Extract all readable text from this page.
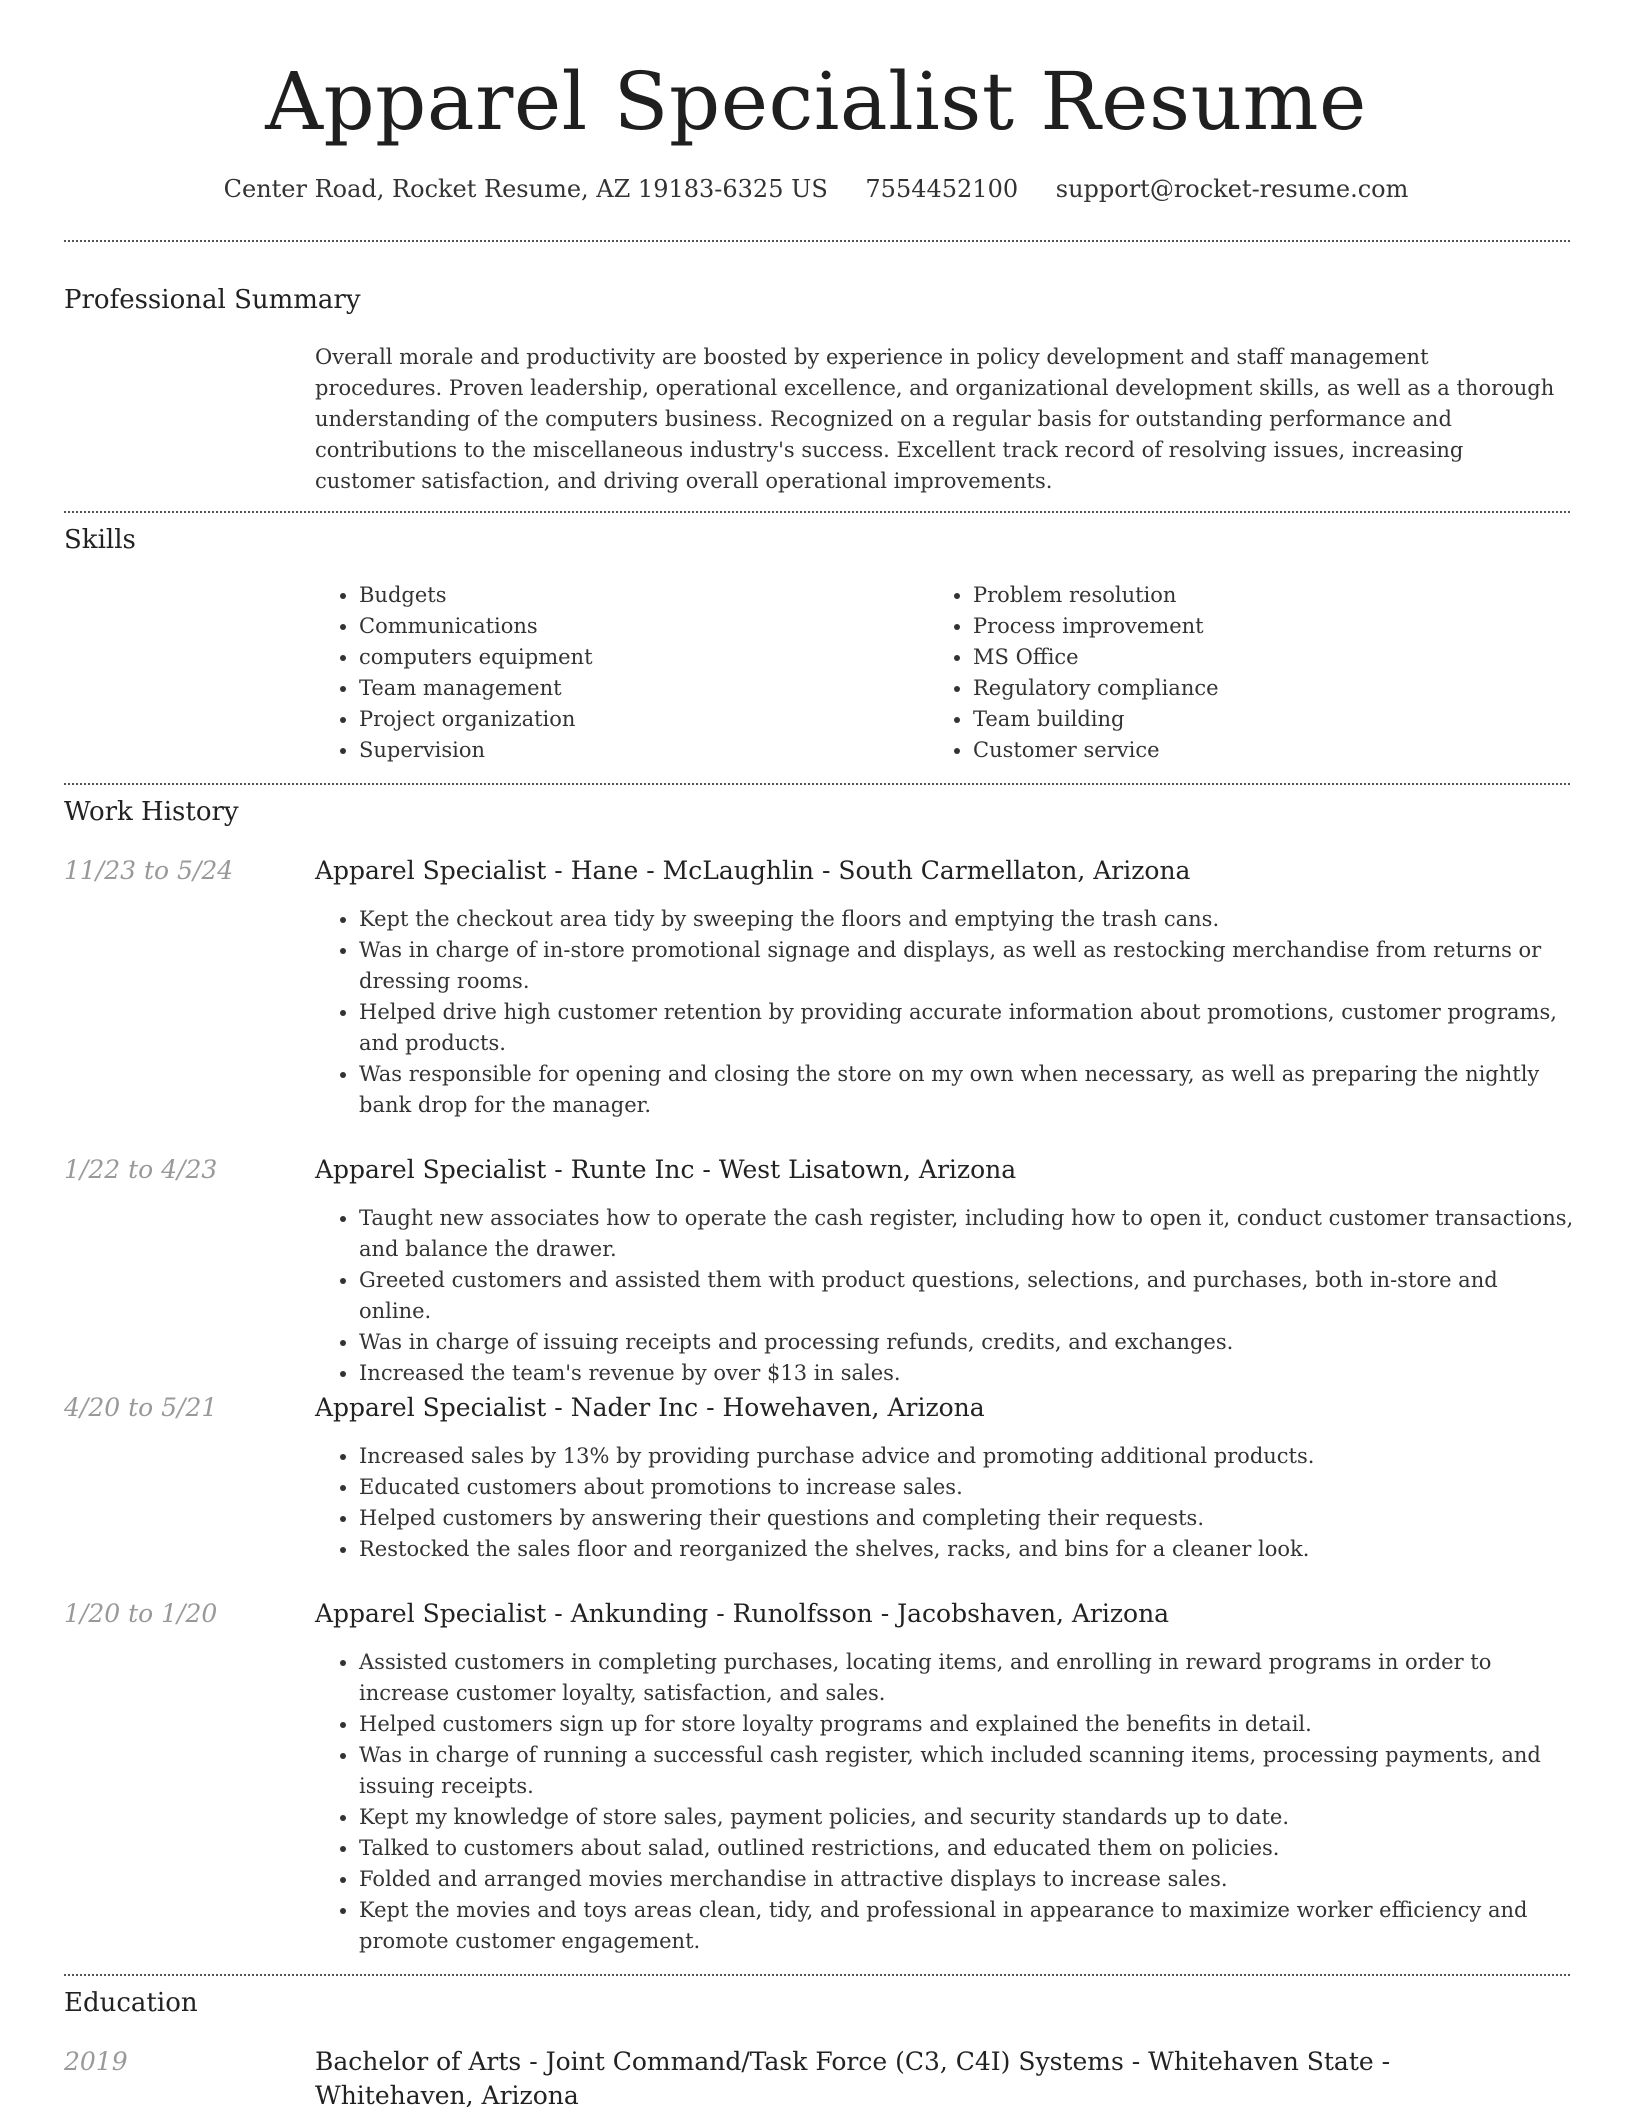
Apparel Specialist Resume
Center Road, Rocket Resume, AZ 19183-6325 US 7554452100 support@rocket-resume.com
Professional Summary

Overall morale and productivity are boosted by experience in policy development and staff management procedures. Proven leadership, operational excellence, and organizational development skills, as well as a thorough understanding of the computers business. Recognized on a regular basis for outstanding performance and contributions to the miscellaneous industry's success. Excellent track record of resolving issues, increasing customer satisfaction, and driving overall operational improvements.

Skills
• Budgets
• Communications
• computers equipment
• Team management
• Project organization
• Supervision
• Problem resolution
• Process improvement
• MS Office
• Regulatory compliance
• Team building
• Customer service
Work History
11/23 to 5/24	Apparel Specialist - Hane - McLaughlin - South Carmellaton, Arizona
• Kept the checkout area tidy by sweeping the floors and emptying the trash cans.
• Was in charge of in-store promotional signage and displays, as well as restocking merchandise from returns or dressing rooms.
• Helped drive high customer retention by providing accurate information about promotions, customer programs, and products.
• Was responsible for opening and closing the store on my own when necessary, as well as preparing the nightly bank drop for the manager.
1/22 to 4/23	Apparel Specialist - Runte Inc - West Lisatown, Arizona
• Taught new associates how to operate the cash register, including how to open it, conduct customer transactions, and balance the drawer.
• Greeted customers and assisted them with product questions, selections, and purchases, both in-store and online.
• Was in charge of issuing receipts and processing refunds, credits, and exchanges.
• Increased the team's revenue by over $13 in sales.
4/20 to 5/21	Apparel Specialist - Nader Inc - Howehaven, Arizona
• Increased sales by 13% by providing purchase advice and promoting additional products.
• Educated customers about promotions to increase sales.
• Helped customers by answering their questions and completing their requests.
• Restocked the sales floor and reorganized the shelves, racks, and bins for a cleaner look.
1/20 to 1/20	Apparel Specialist - Ankunding - Runolfsson - Jacobshaven, Arizona
• Assisted customers in completing purchases, locating items, and enrolling in reward programs in order to increase customer loyalty, satisfaction, and sales.
• Helped customers sign up for store loyalty programs and explained the benefits in detail.
• Was in charge of running a successful cash register, which included scanning items, processing payments, and issuing receipts.
• Kept my knowledge of store sales, payment policies, and security standards up to date.
• Talked to customers about salad, outlined restrictions, and educated them on policies.
• Folded and arranged movies merchandise in attractive displays to increase sales.
• Kept the movies and toys areas clean, tidy, and professional in appearance to maximize worker efficiency and promote customer engagement.
Education
2019	Bachelor of Arts - Joint Command/Task Force (C3, C4I) Systems - Whitehaven State - Whitehaven, Arizona
